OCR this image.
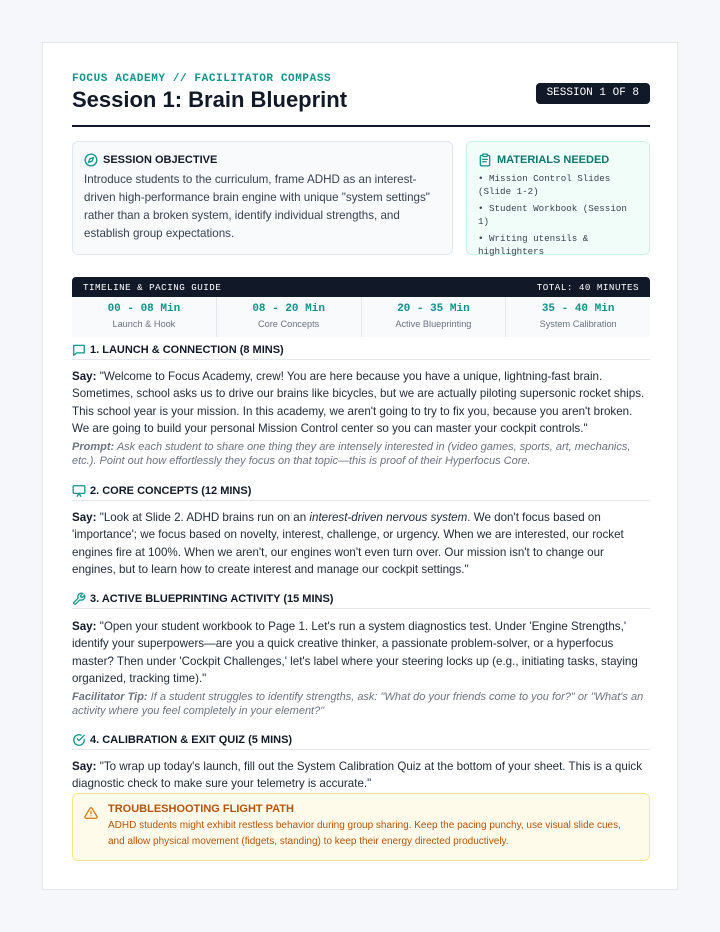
FOCUS ACADEMY // FACILITATOR COMPASS
Session 1: Brain Blueprint	SESSION 1 OF 8
SESSION OBJECTIVE

Introduce students to the curriculum, frame ADHD as an interest-driven high-performance brain engine with unique "system settings" rather than a broken system, identify individual strengths, and establish group expectations.

MATERIALS NEEDED
• Mission Control Slides (Slide 1-2)
• Student Workbook (Session 1)
• Writing utensils & highlighters
TIMELINE & PACING GUIDE	TOTAL: 40 MINUTES
00 - 08 Min
Launch & Hook
08 - 20 Min
Core Concepts
20 - 35 Min
Active Blueprinting
35 - 40 Min
System Calibration
1. LAUNCH & CONNECTION (8 MINS)

Say: "Welcome to Focus Academy, crew! You are here because you have a unique, lightning-fast brain. Sometimes, school asks us to drive our brains like bicycles, but we are actually piloting supersonic rocket ships. This school year is your mission. In this academy, we aren't going to try to fix you, because you aren't broken. We are going to build your personal Mission Control center so you can master your cockpit controls."

Prompt: Ask each student to share one thing they are intensely interested in (video games, sports, art, mechanics, etc.). Point out how effortlessly they focus on that topic—this is proof of their Hyperfocus Core.

2. CORE CONCEPTS (12 MINS)

Say: "Look at Slide 2. ADHD brains run on an interest-driven nervous system. We don't focus based on 'importance'; we focus based on novelty, interest, challenge, or urgency. When we are interested, our rocket engines fire at 100%. When we aren't, our engines won't even turn over. Our mission isn't to change our engines, but to learn how to create interest and manage our cockpit settings."

3. ACTIVE BLUEPRINTING ACTIVITY (15 MINS)

Say: "Open your student workbook to Page 1. Let's run a system diagnostics test. Under 'Engine Strengths,' identify your superpowers—are you a quick creative thinker, a passionate problem-solver, or a hyperfocus master? Then under 'Cockpit Challenges,' let's label where your steering locks up (e.g., initiating tasks, staying organized, tracking time)."

Facilitator Tip: If a student struggles to identify strengths, ask: "What do your friends come to you for?" or "What's an activity where you feel completely in your element?"

4. CALIBRATION & EXIT QUIZ (5 MINS)

Say: "To wrap up today's launch, fill out the System Calibration Quiz at the bottom of your sheet. This is a quick diagnostic check to make sure your telemetry is accurate."

TROUBLESHOOTING FLIGHT PATH

ADHD students might exhibit restless behavior during group sharing. Keep the pacing punchy, use visual slide cues, and allow physical movement (fidgets, standing) to keep their energy directed productively.
